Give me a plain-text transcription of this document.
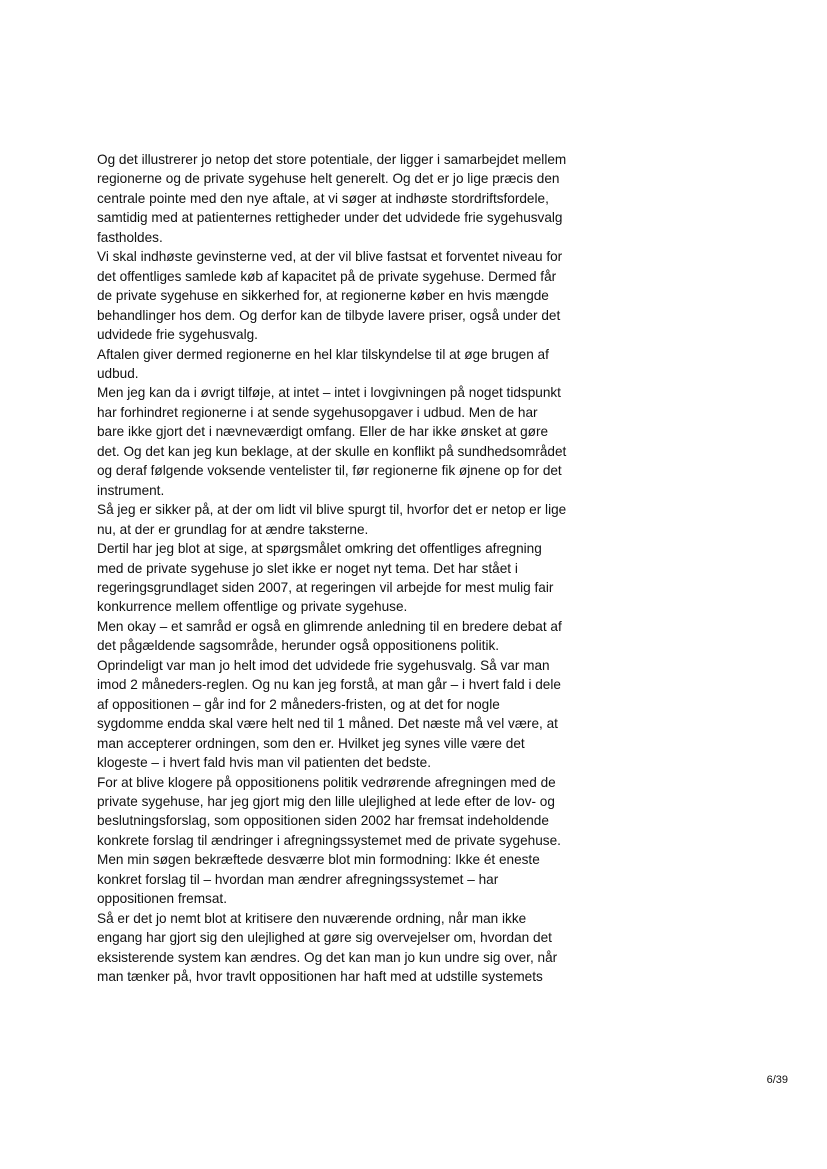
Og det illustrerer jo netop det store potentiale, der ligger i samarbejdet mellem
regionerne og de private sygehuse helt generelt. Og det er jo lige præcis den
centrale pointe med den nye aftale, at vi søger at indhøste stordriftsfordele,
samtidig med at patienternes rettigheder under det udvidede frie sygehusvalg
fastholdes.
Vi skal indhøste gevinsterne ved, at der vil blive fastsat et forventet niveau for
det offentliges samlede køb af kapacitet på de private sygehuse. Dermed får
de private sygehuse en sikkerhed for, at regionerne køber en hvis mængde
behandlinger hos dem. Og derfor kan de tilbyde lavere priser, også under det
udvidede frie sygehusvalg.
Aftalen giver dermed regionerne en hel klar tilskyndelse til at øge brugen af
udbud.
Men jeg kan da i øvrigt tilføje, at intet – intet i lovgivningen på noget tidspunkt
har forhindret regionerne i at sende sygehusopgaver i udbud. Men de har
bare ikke gjort det i nævneværdigt omfang. Eller de har ikke ønsket at gøre
det. Og det kan jeg kun beklage, at der skulle en konflikt på sundhedsområdet
og deraf følgende voksende ventelister til, før regionerne fik øjnene op for det
instrument.
Så jeg er sikker på, at der om lidt vil blive spurgt til, hvorfor det er netop er lige
nu, at der er grundlag for at ændre taksterne.
Dertil har jeg blot at sige, at spørgsmålet omkring det offentliges afregning
med de private sygehuse jo slet ikke er noget nyt tema. Det har stået i
regeringsgrundlaget siden 2007, at regeringen vil arbejde for mest mulig fair
konkurrence mellem offentlige og private sygehuse.
Men okay – et samråd er også en glimrende anledning til en bredere debat af
det pågældende sagsområde, herunder også oppositionens politik.
Oprindeligt var man jo helt imod det udvidede frie sygehusvalg. Så var man
imod 2 måneders-reglen. Og nu kan jeg forstå, at man går – i hvert fald i dele
af oppositionen – går ind for 2 måneders-fristen, og at det for nogle
sygdomme endda skal være helt ned til 1 måned. Det næste må vel være, at
man accepterer ordningen, som den er. Hvilket jeg synes ville være det
klogeste – i hvert fald hvis man vil patienten det bedste.
For at blive klogere på oppositionens politik vedrørende afregningen med de
private sygehuse, har jeg gjort mig den lille ulejlighed at lede efter de lov- og
beslutningsforslag, som oppositionen siden 2002 har fremsat indeholdende
konkrete forslag til ændringer i afregningssystemet med de private sygehuse.
Men min søgen bekræftede desværre blot min formodning: Ikke ét eneste
konkret forslag til – hvordan man ændrer afregningssystemet – har
oppositionen fremsat.
Så er det jo nemt blot at kritisere den nuværende ordning, når man ikke
engang har gjort sig den ulejlighed at gøre sig overvejelser om, hvordan det
eksisterende system kan ændres. Og det kan man jo kun undre sig over, når
man tænker på, hvor travlt oppositionen har haft med at udstille systemets
6/39
